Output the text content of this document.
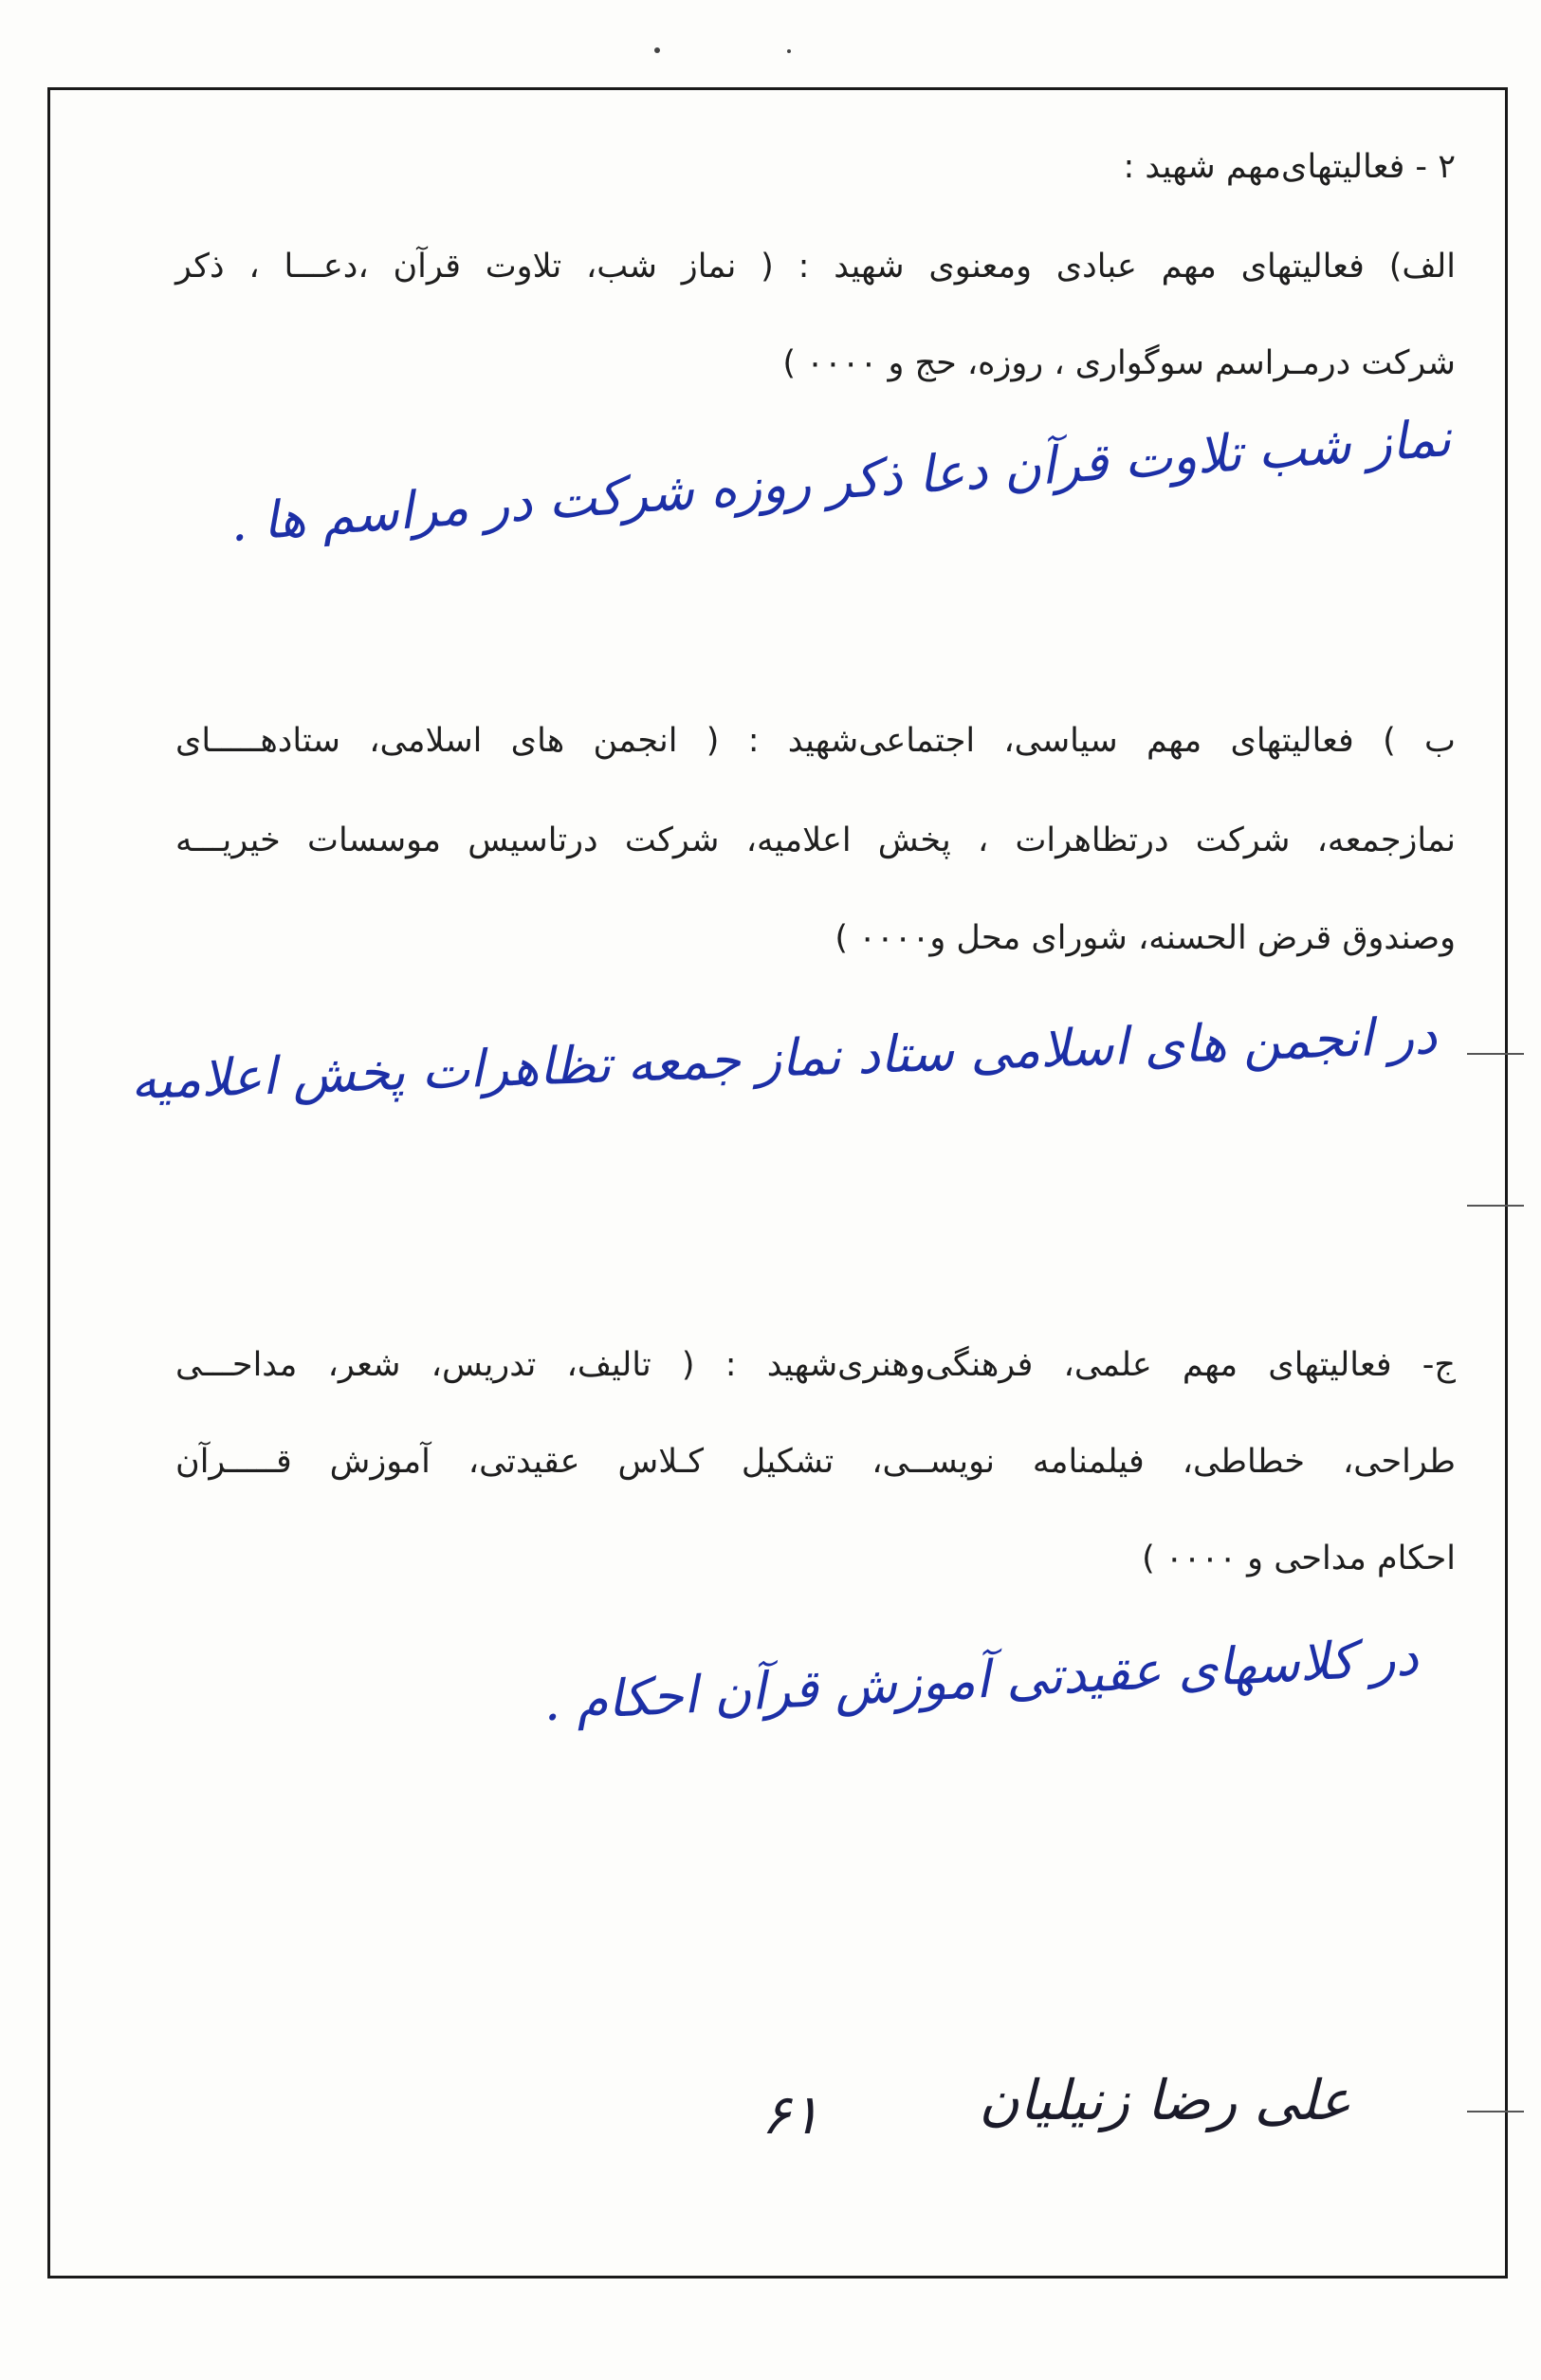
۲ - فعالیتهای‌مهم شهید :
الف) فعالیتهای مهم عبادی ومعنوی شهید : ( نماز شب، تلاوت قرآن ،دعـــا ، ذکر
شرکت درمـراسم سوگواری ، روزه، حج و ۰۰۰۰ )
نماز شب تلاوت قرآن دعا ذکر روزه شرکت در مراسم ها .
ب ) فعالیتهای مهم سیاسی، اجتماعی‌شهید : ( انجمن های اسلامی، ستادهـــــای
نمازجمعه، شرکت درتظاهرات ، پخش اعلامیه، شرکت درتاسیس موسسات خیریـــه
وصندوق قرض الحسنه، شورای محل و۰۰۰۰ )
در انجمن های اسلامی ستاد نماز جمعه تظاهرات پخش اعلامیه
ج- فعالیتهای مهم علمی، فرهنگی‌وهنری‌شهید : ( تالیف، تدریس، شعر، مداحـــی
طراحی، خطاطی، فیلمنامه نویســی، تشکیل کـلاس عقیدتی، آموزش قـــــرآن
احکام مداحی و ۰۰۰۰ )
در کلاسهای عقیدتی آموزش قرآن احکام .
علی رضا زنیلیان
۶۱
